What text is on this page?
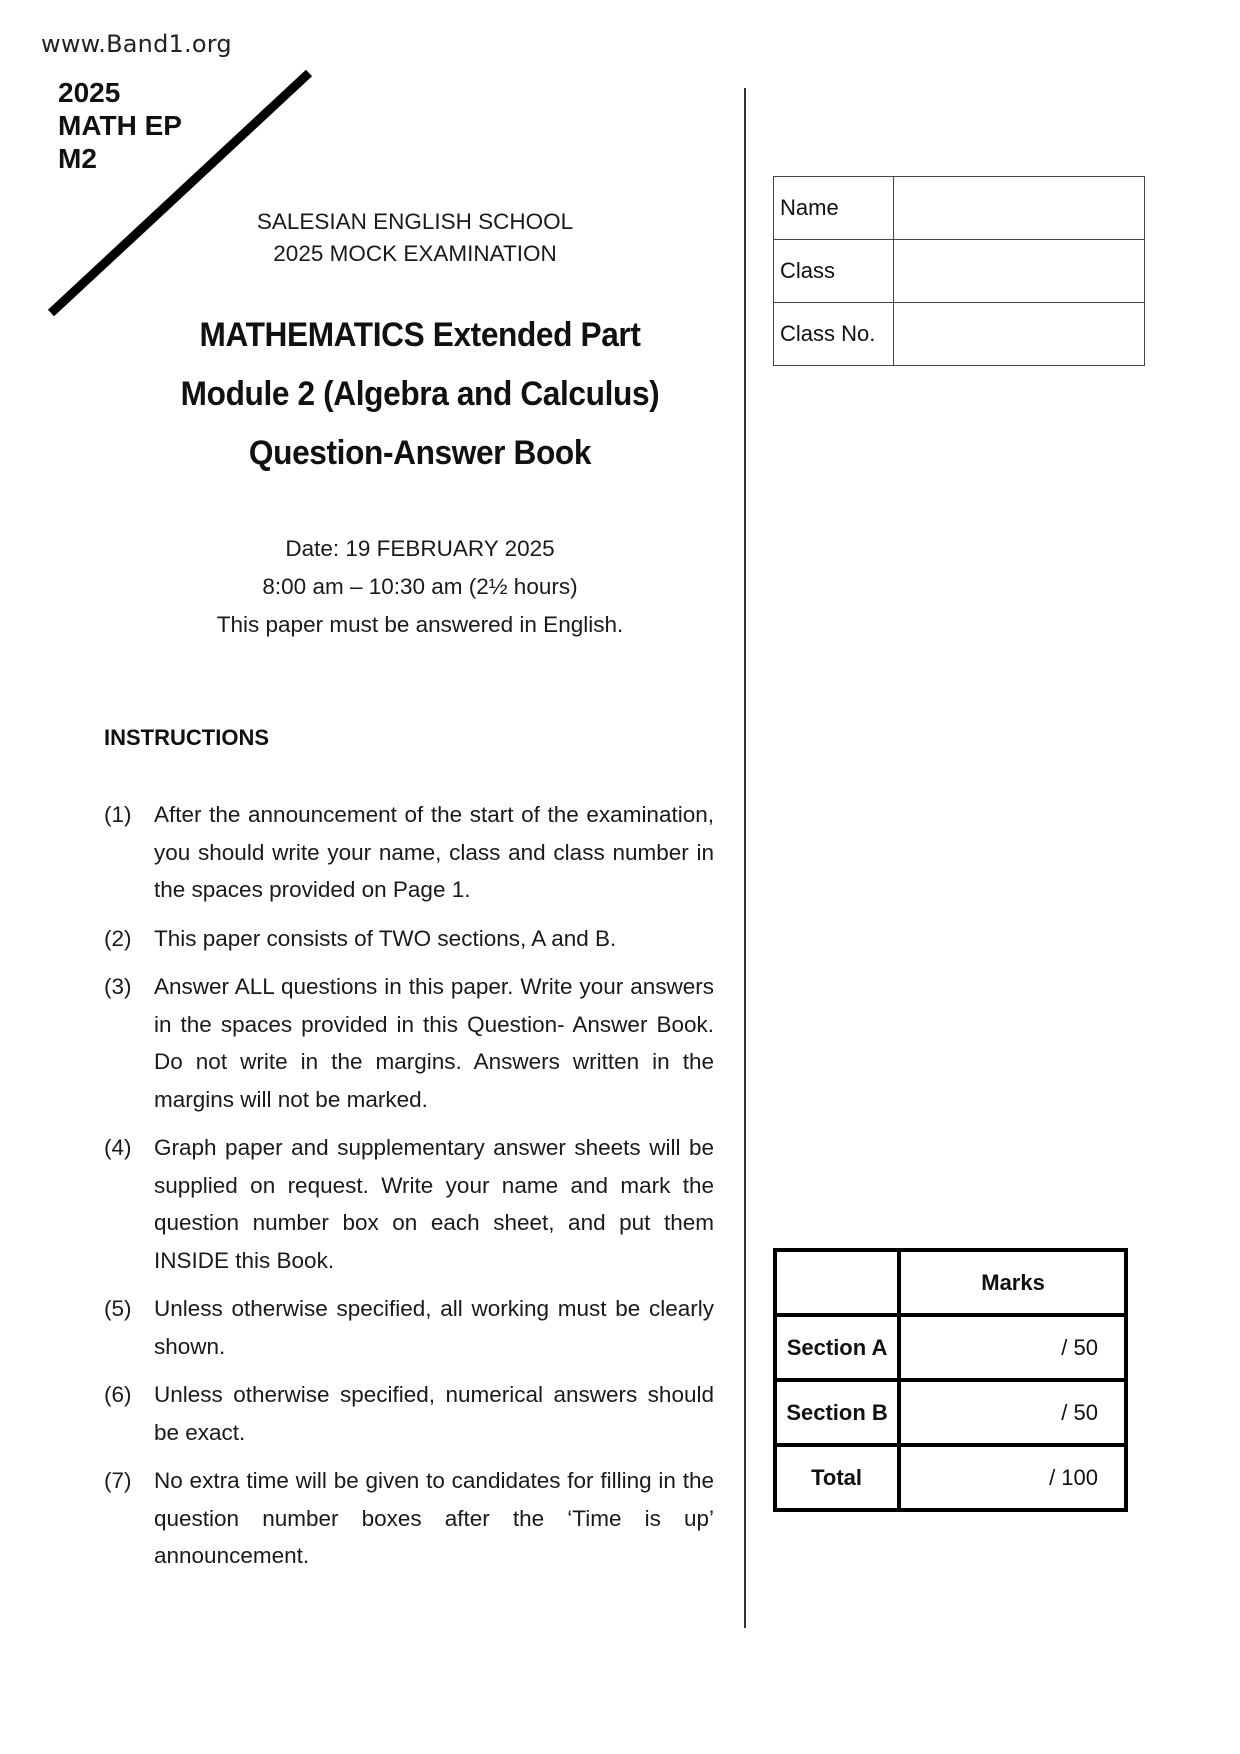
www.Band1.org
2025
MATH EP
M2
SALESIAN ENGLISH SCHOOL
2025 MOCK EXAMINATION
MATHEMATICS Extended Part
Module 2 (Algebra and Calculus)
Question-Answer Book
Date: 19 FEBRUARY 2025
8:00 am – 10:30 am (2½ hours)
This paper must be answered in English.
INSTRUCTIONS
(1)	After the announcement of the start of the examination, you should write your name, class and class number in the spaces provided on Page 1.
(2)	This paper consists of TWO sections, A and B.
(3)	Answer ALL questions in this paper. Write your answers in the spaces provided in this Question- Answer Book. Do not write in the margins. Answers written in the margins will not be marked.
(4)	Graph paper and supplementary answer sheets will be supplied on request. Write your name and mark the question number box on each sheet, and put them INSIDE this Book.
(5)	Unless otherwise specified, all working must be clearly shown.
(6)	Unless otherwise specified, numerical answers should be exact.
(7)	No extra time will be given to candidates for filling in the question number boxes after the ‘Time is up’ announcement.
Name	
Class	
Class No.	
	Marks
Section A	/ 50
Section B	/ 50
Total	/ 100
